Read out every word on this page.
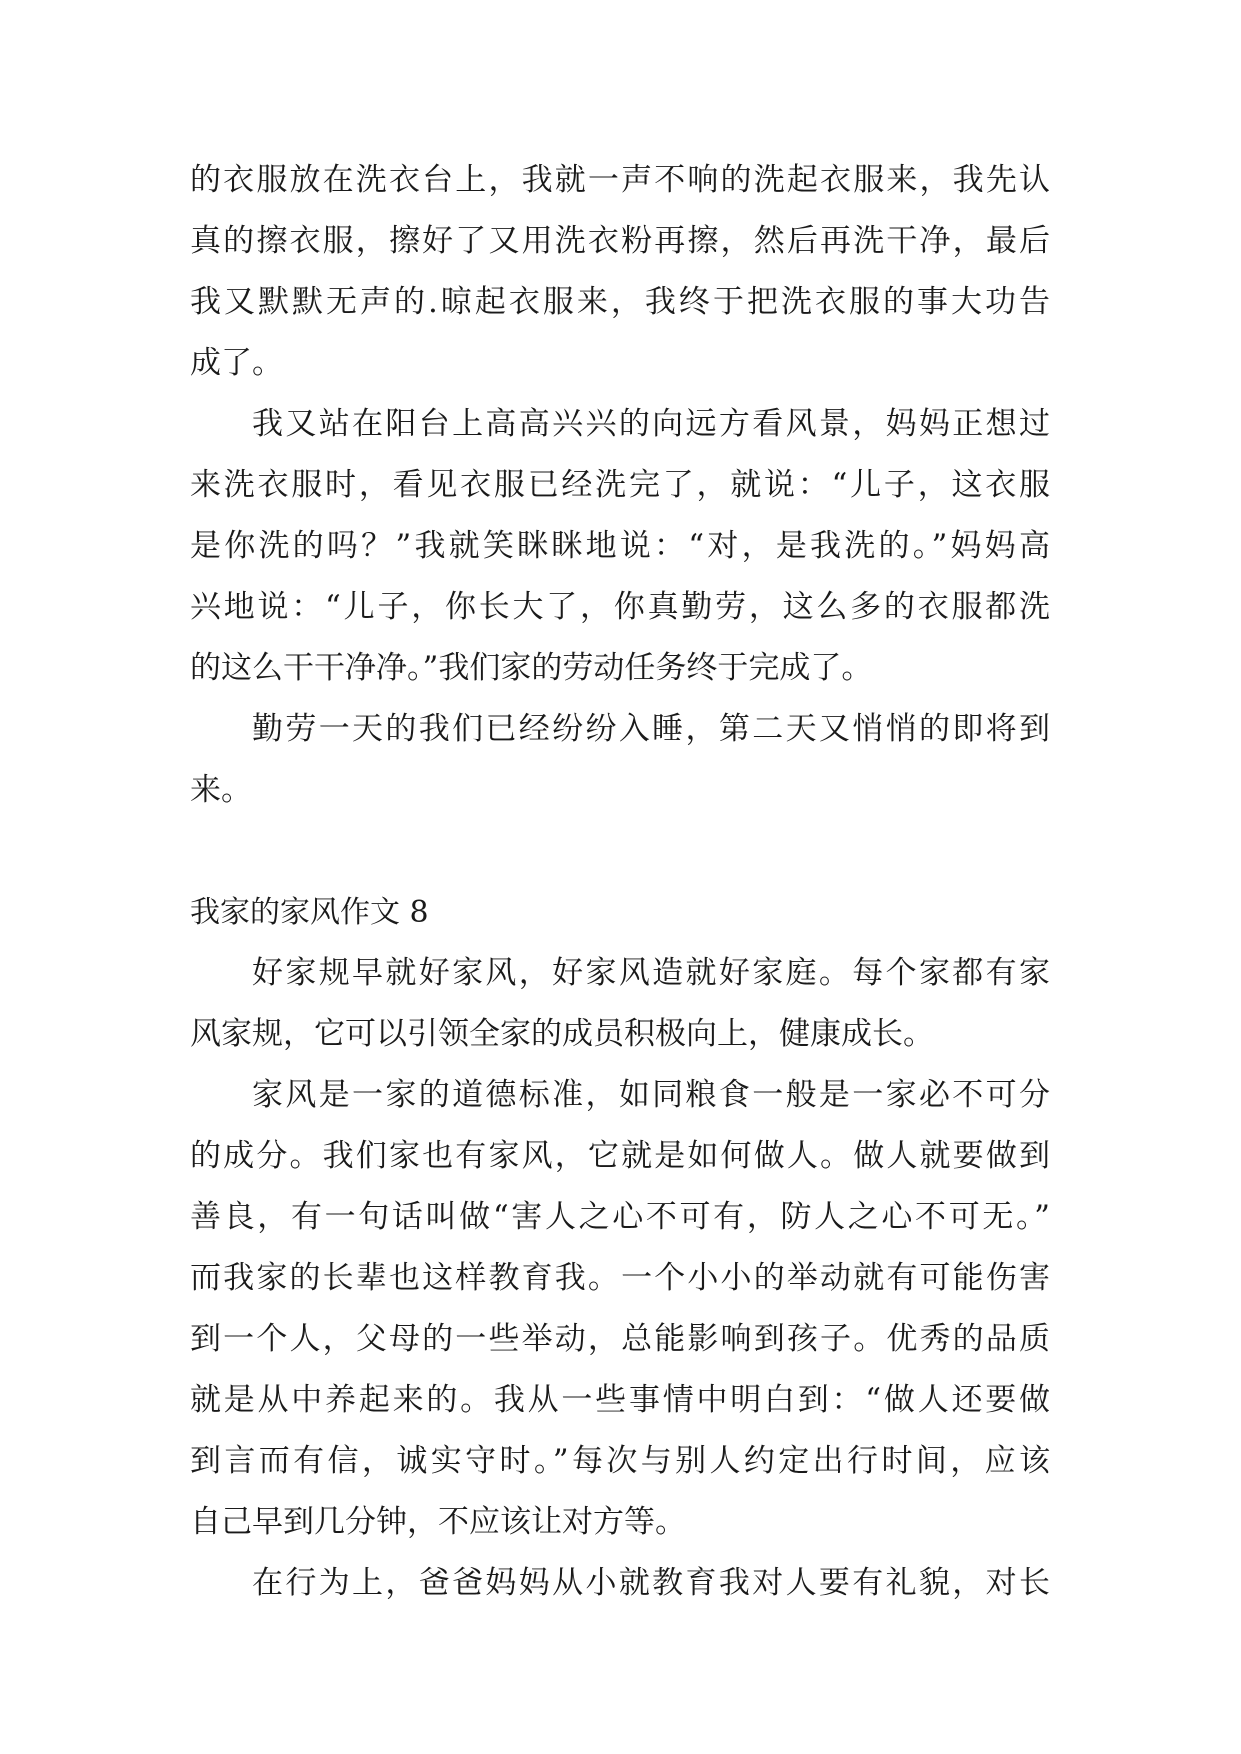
的衣服放在洗衣台上，我就一声不响的洗起衣服来，我先认
真的擦衣服，擦好了又用洗衣粉再擦，然后再洗干净，最后
我又默默无声的.晾起衣服来，我终于把洗衣服的事大功告
成了。
我又站在阳台上高高兴兴的向远方看风景，妈妈正想过
来洗衣服时，看见衣服已经洗完了，就说：“儿子，这衣服
是你洗的吗？”我就笑眯眯地说：“对，是我洗的。”妈妈高
兴地说：“儿子，你长大了，你真勤劳，这么多的衣服都洗
的这么干干净净。”我们家的劳动任务终于完成了。
勤劳一天的我们已经纷纷入睡，第二天又悄悄的即将到
来。
我家的家风作文 8
好家规早就好家风，好家风造就好家庭。每个家都有家
风家规，它可以引领全家的成员积极向上，健康成长。
家风是一家的道德标准，如同粮食一般是一家必不可分
的成分。我们家也有家风，它就是如何做人。做人就要做到
善良，有一句话叫做“害人之心不可有，防人之心不可无。”
而我家的长辈也这样教育我。一个小小的举动就有可能伤害
到一个人，父母的一些举动，总能影响到孩子。优秀的品质
就是从中养起来的。我从一些事情中明白到：“做人还要做
到言而有信，诚实守时。”每次与别人约定出行时间，应该
自己早到几分钟，不应该让对方等。
在行为上，爸爸妈妈从小就教育我对人要有礼貌，对长
